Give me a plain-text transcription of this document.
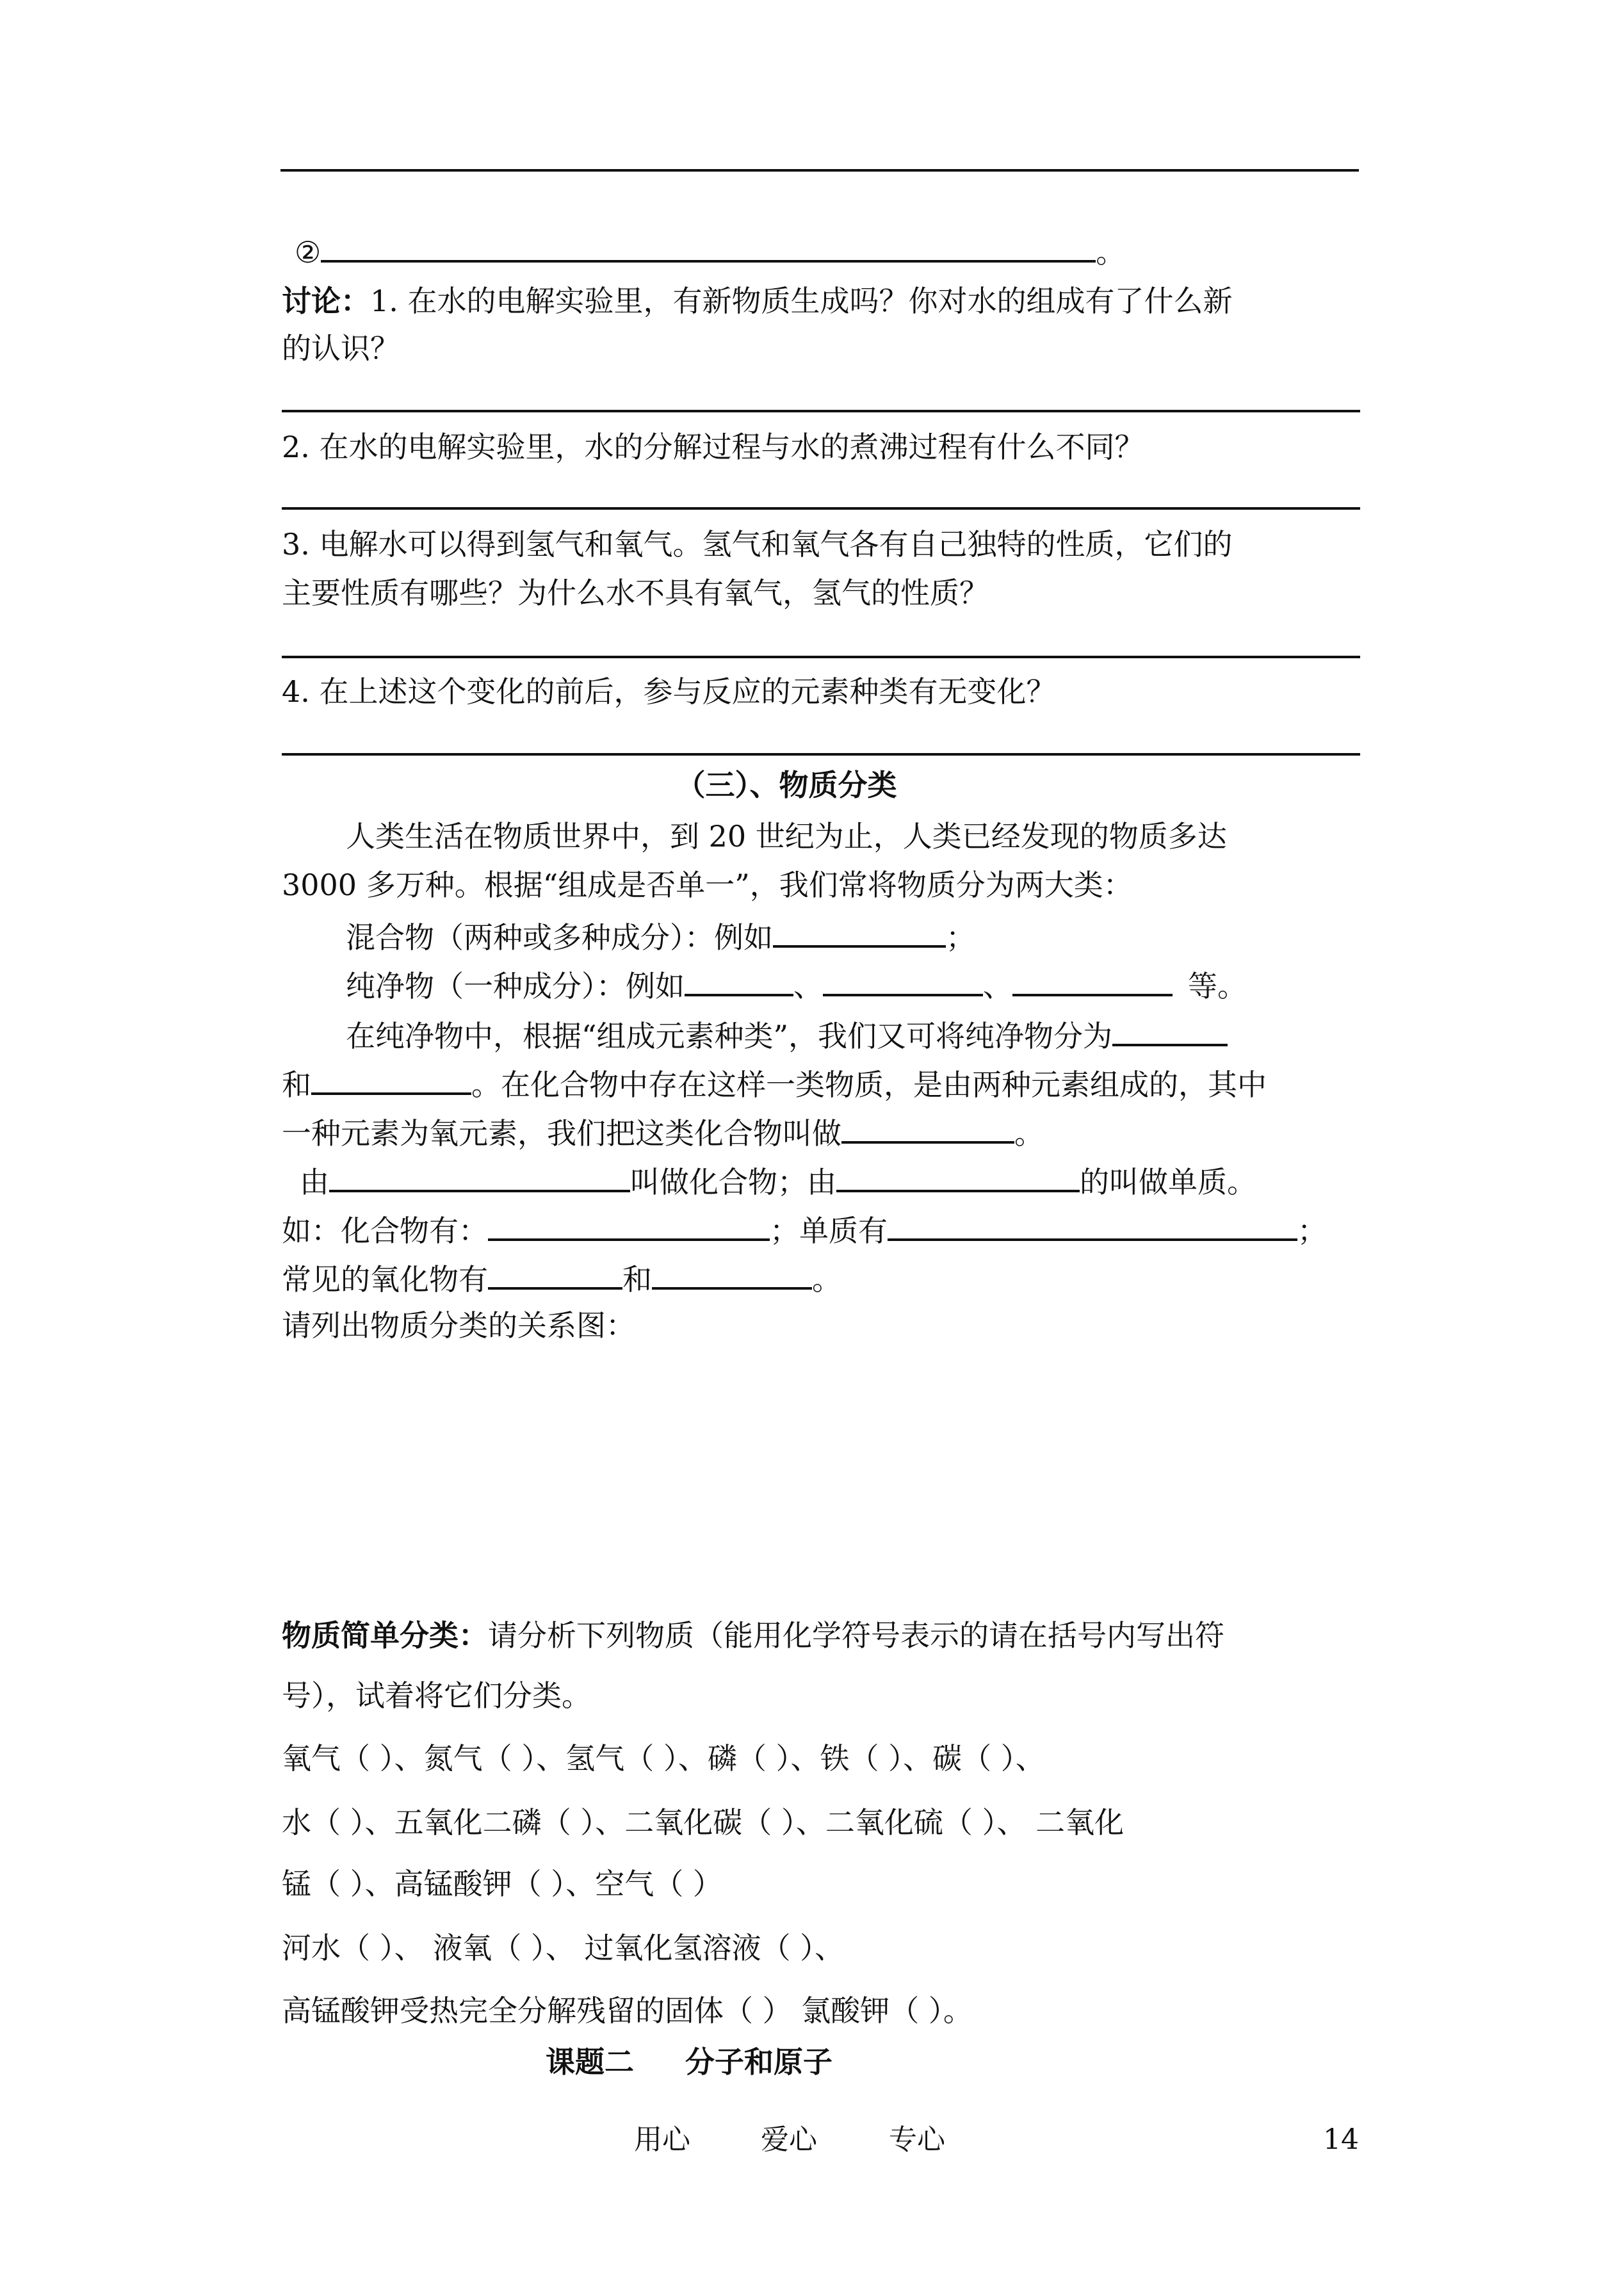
②	。
讨论：1. 在水的电解实验里，有新物质生成吗？你对水的组成有了什么新
的认识？
2. 在水的电解实验里，水的分解过程与水的煮沸过程有什么不同？
3. 电解水可以得到氢气和氧气。氢气和氧气各有自己独特的性质，它们的
主要性质有哪些？为什么水不具有氧气，氢气的性质？
4. 在上述这个变化的前后，参与反应的元素种类有无变化？
（三）、物质分类
人类生活在物质世界中，到 20 世纪为止，人类已经发现的物质多达
3000 多万种。根据“组成是否单一”，我们常将物质分为两大类：
混合物（两种或多种成分）：例如	；
纯净物（一种成分）：例如	、	、	等。
在纯净物中，根据“组成元素种类”，我们又可将纯净物分为
和	。在化合物中存在这样一类物质，是由两种元素组成的，其中
一种元素为氧元素，我们把这类化合物叫做	。
由	叫做化合物；由	的叫做单质。
如：化合物有：	；单质有	；
常见的氧化物有	和	。
请列出物质分类的关系图：
物质简单分类：请分析下列物质（能用化学符号表示的请在括号内写出符
号），试着将它们分类。
氧气（ ）、氮气（ ）、氢气（ ）、磷（ ）、铁（ ）、碳（ ）、
水（ ）、五氧化二磷（ ）、二氧化碳（ ）、二氧化硫（ ）、 二氧化
锰（ ）、高锰酸钾（ ）、空气（ ）
河水（ ）、 液氧（ ）、 过氧化氢溶液（ ）、
高锰酸钾受热完全分解残留的固体（ ） 氯酸钾（ ）。
课题二 分子和原子
用心	爱心	专心	14
